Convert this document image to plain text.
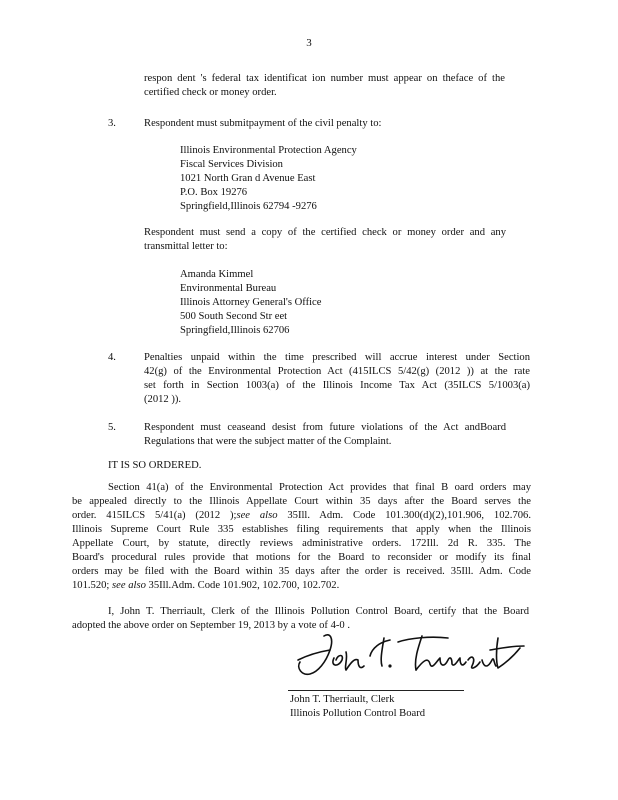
3
respon dent 's federal tax identificat ion number must appear on theface of the
certified check or money order.
3.	Respondent must submitpayment of the civil penalty to:
Illinois Environmental Protection Agency
Fiscal Services Division
1021 North Gran d Avenue East
P.O. Box 19276
Springfield,Illinois 62794 -9276
Respondent must send a copy of the certified check or money order and any
transmittal letter to:
Amanda Kimmel
Environmental Bureau
Illinois Attorney General's Office
500 South Second Str eet
Springfield,Illinois 62706
4.	Penalties unpaid within the time prescribed will accrue interest under Section
42(g) of the Environmental Protection Act (415ILCS 5/42(g) (2012 )) at the rate
set forth in Section 1003(a) of the Illinois Income Tax Act (35ILCS 5/1003(a)
(2012 )).
5.	Respondent must ceaseand desist from future violations of the Act andBoard
Regulations that were the subject matter of the Complaint.
IT IS SO ORDERED.
Section 41(a) of the Environmental Protection Act provides that final B oard orders may
be appealed directly to the Illinois Appellate Court within 35 days after the Board serves the
order. 415ILCS 5/41(a) (2012 );see also 35Ill. Adm. Code 101.300(d)(2),101.906, 102.706.
Illinois Supreme Court Rule 335 establishes filing requirements that apply when the Illinois
Appellate Court, by statute, directly reviews administrative orders. 172Ill. 2d R. 335. The
Board's procedural rules provide that motions for the Board to reconsider or modify its final
orders may be filed with the Board within 35 days after the order is received. 35Ill. Adm. Code
101.520; see also 35Ill.Adm. Code 101.902, 102.700, 102.702.
I, John T. Therriault, Clerk of the Illinois Pollution Control Board, certify that the Board
adopted the above order on September 19, 2013 by a vote of 4-0 .
John T. Therriault, Clerk
Illinois Pollution Control Board
